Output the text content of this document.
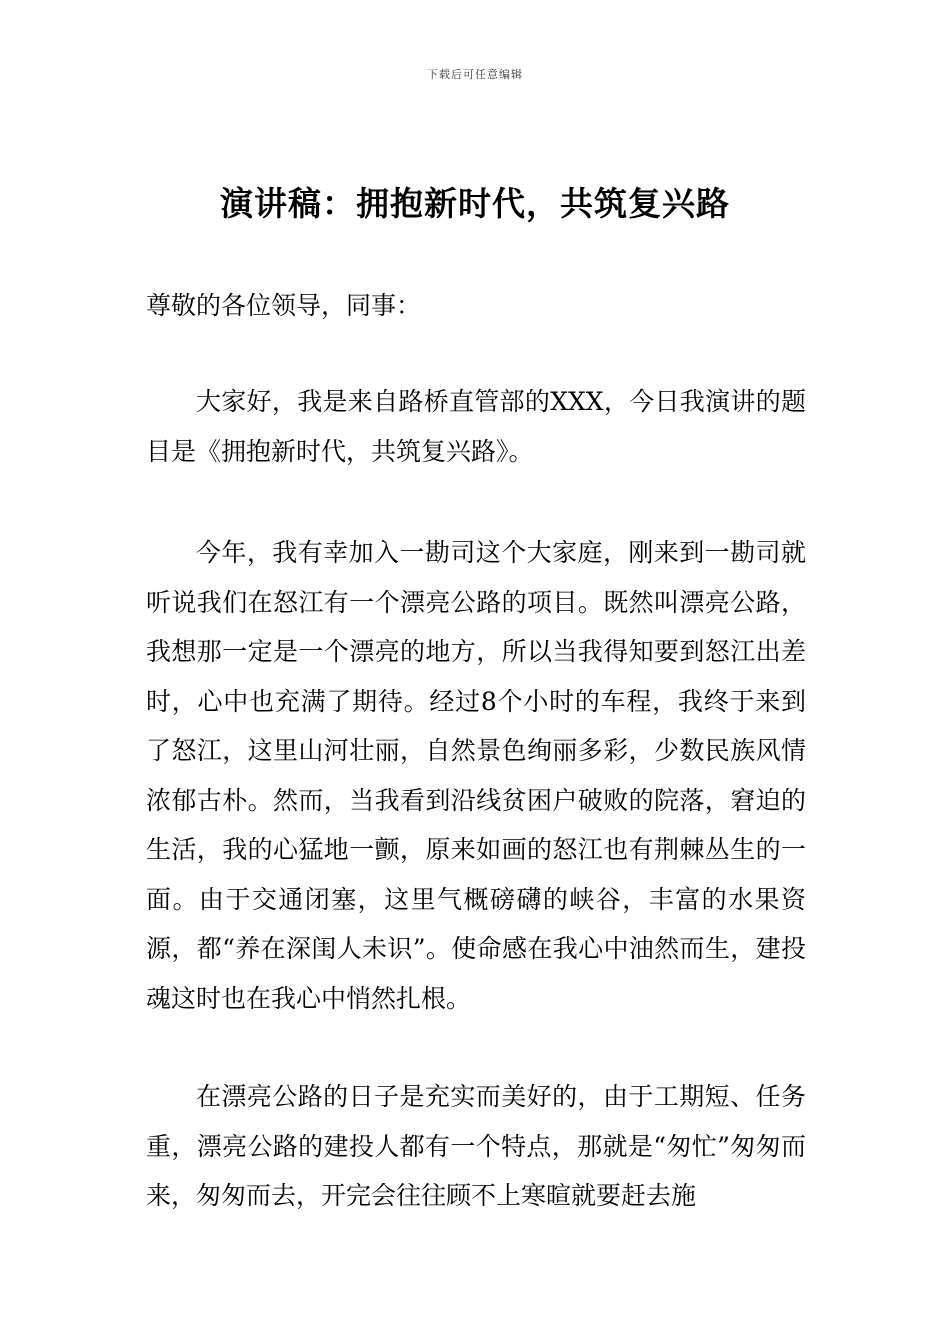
下载后可任意编辑
演讲稿：拥抱新时代，共筑复兴路
尊敬的各位领导，同事：

大家好，我是来自路桥直管部的XXX，今日我演讲的题目是《拥抱新时代，共筑复兴路》。

今年，我有幸加入一勘司这个大家庭，刚来到一勘司就听说我们在怒江有一个漂亮公路的项目。既然叫漂亮公路，我想那一定是一个漂亮的地方，所以当我得知要到怒江出差时，心中也充满了期待。经过8个小时的车程，我终于来到了怒江，这里山河壮丽，自然景色绚丽多彩，少数民族风情浓郁古朴。然而，当我看到沿线贫困户破败的院落，窘迫的生活，我的心猛地一颤，原来如画的怒江也有荆棘丛生的一面。由于交通闭塞，这里气概磅礴的峡谷，丰富的水果资源，都“养在深闺人未识”。使命感在我心中油然而生，建投魂这时也在我心中悄然扎根。

在漂亮公路的日子是充实而美好的，由于工期短、任务重，漂亮公路的建投人都有一个特点，那就是“匆忙”匆匆而来，匆匆而去，开完会往往顾不上寒暄就要赶去施
